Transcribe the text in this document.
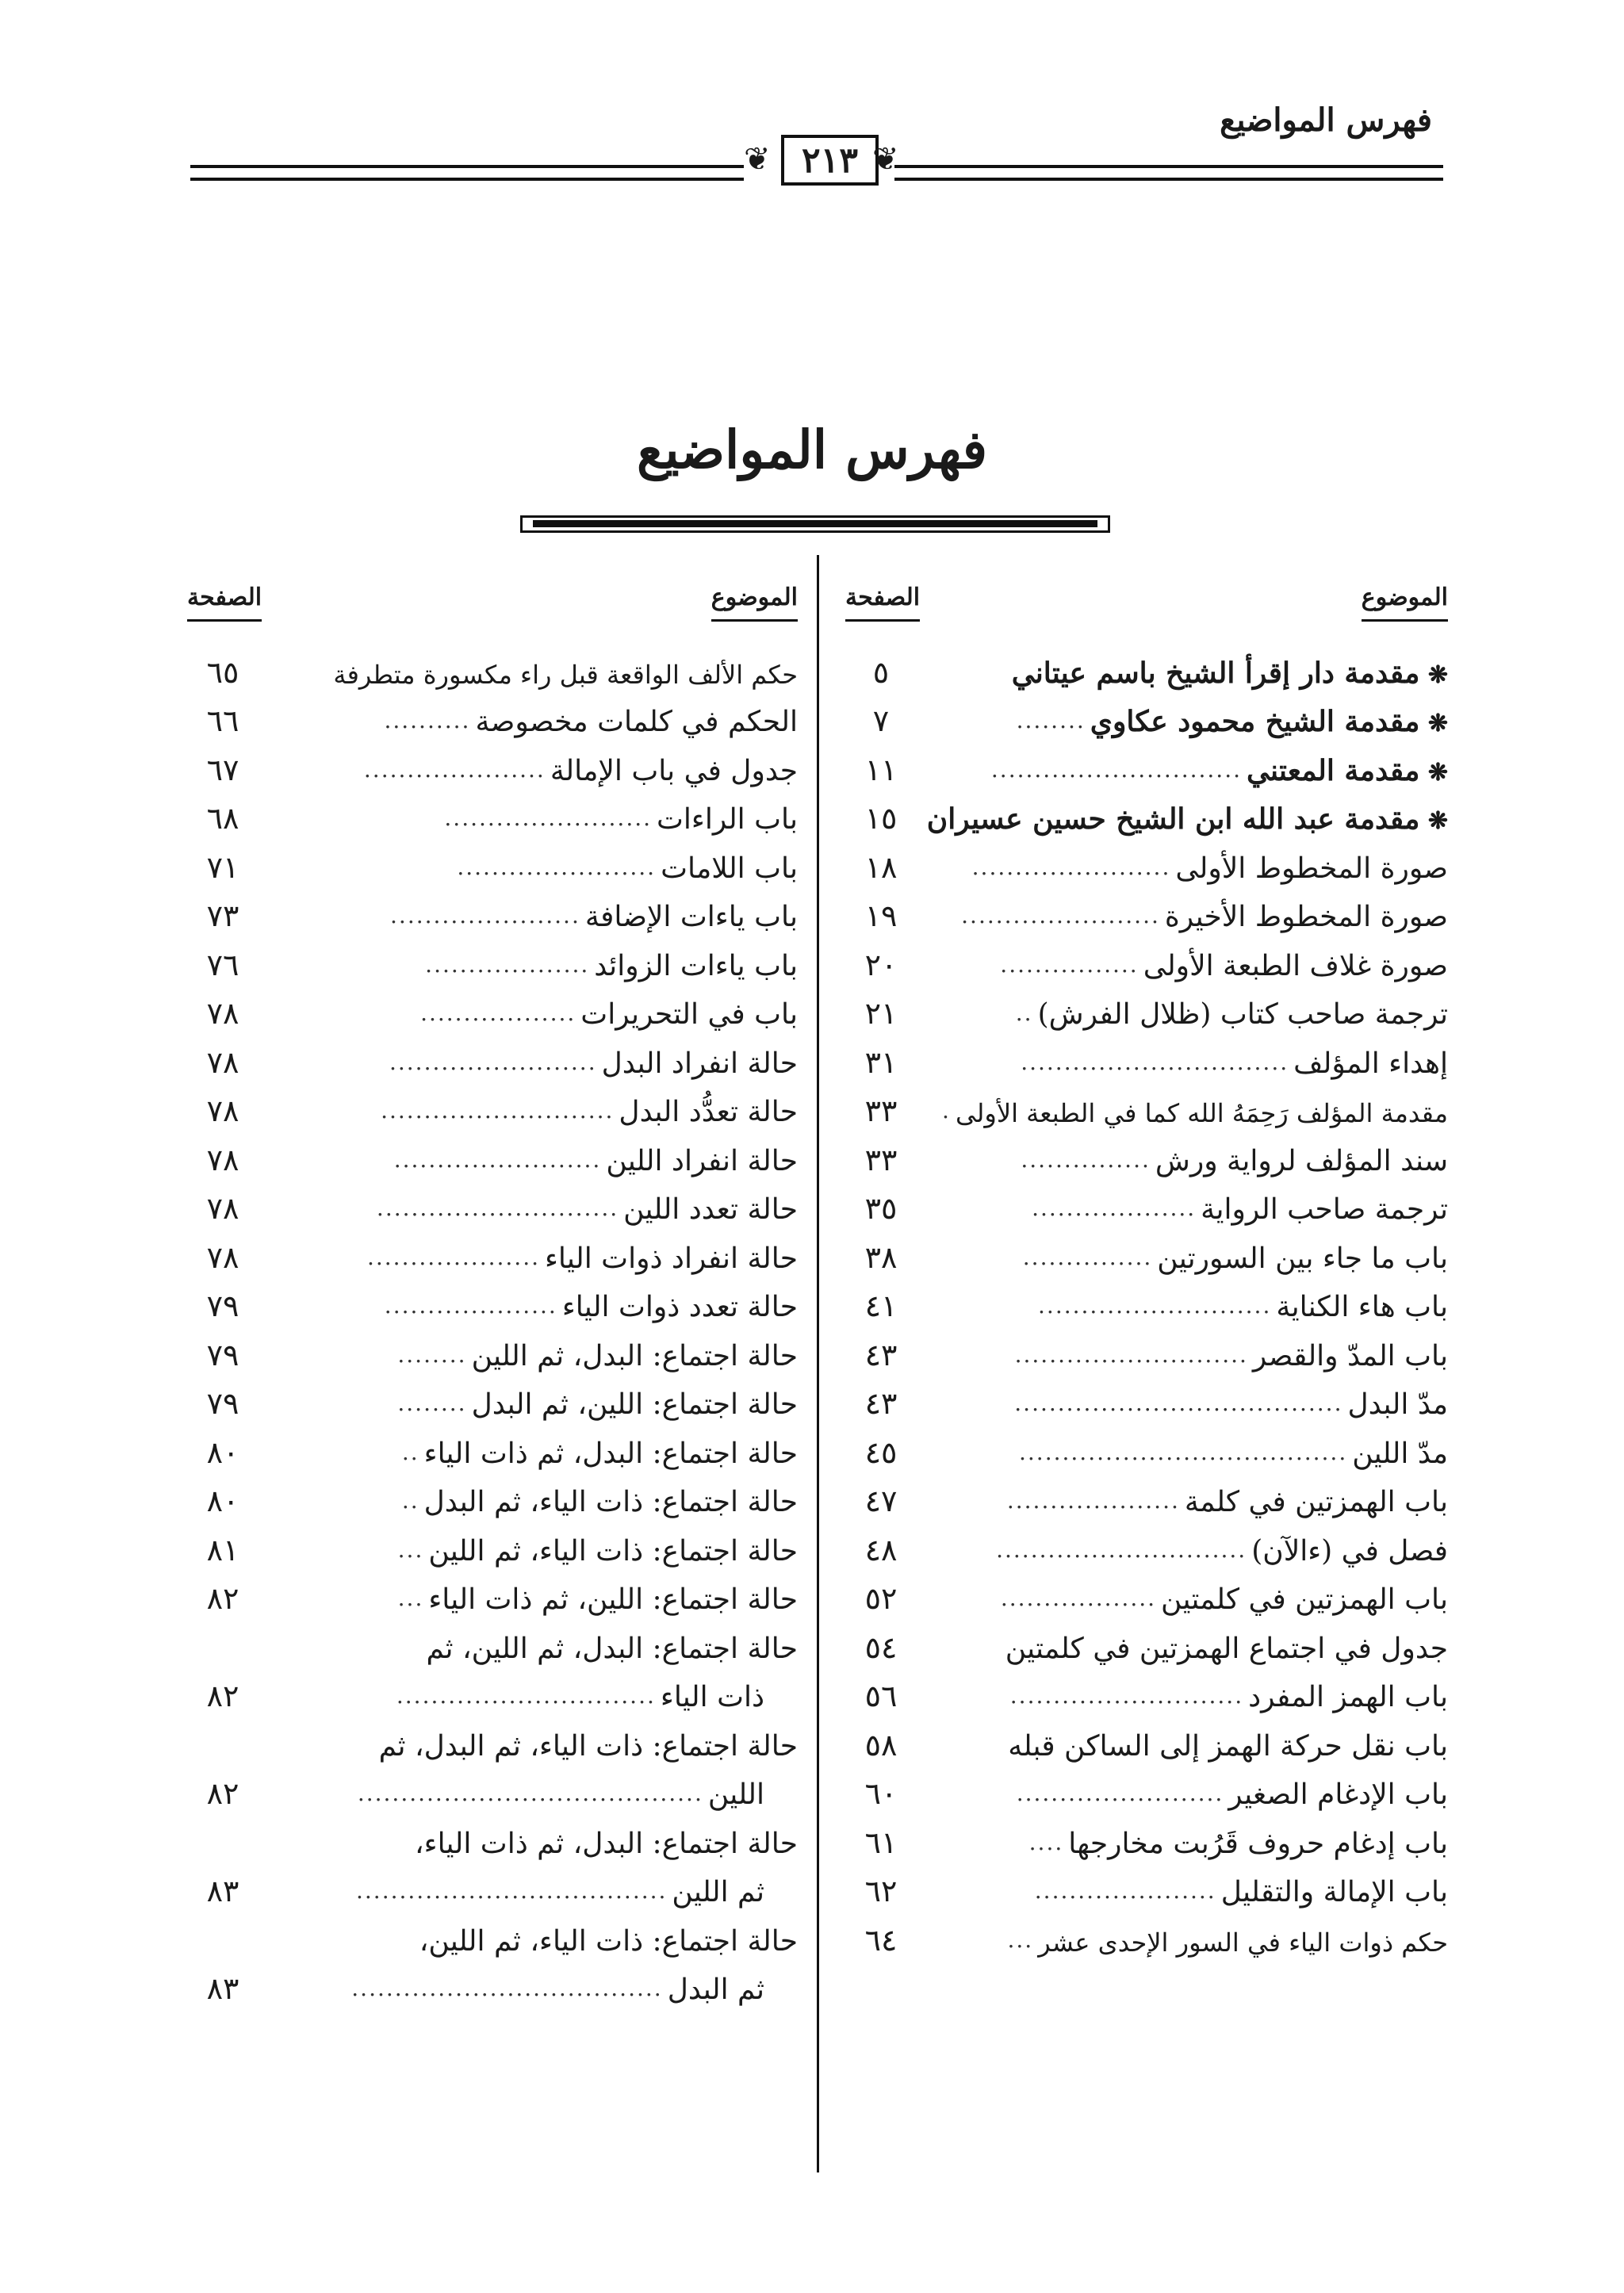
فهرس المواضيع
❦ ٢١٣ ❦
فهرس المواضيع
الموضوع
الصفحة
❋ مقدمة دار إقرأ الشيخ باسم عيتاني
٥
❋ مقدمة الشيخ محمود عكاوي
........
٧
❋ مقدمة المعتني
.............................
١١
❋ مقدمة عبد الله ابن الشيخ حسين عسيران
١٥
صورة المخطوط الأولى
.......................
١٨
صورة المخطوط الأخيرة
.......................
١٩
صورة غلاف الطبعة الأولى
................
٢٠
ترجمة صاحب كتاب (ظلال الفرش)
..
٢١
إهداء المؤلف
...............................
٣١
مقدمة المؤلف رَحِمَهُ الله كما في الطبعة الأولى
.
٣٣
سند المؤلف لرواية ورش
...............
٣٣
ترجمة صاحب الرواية
...................
٣٥
باب ما جاء بين السورتين
...............
٣٨
باب هاء الكناية
...........................
٤١
باب المدّ والقصر
...........................
٤٣
مدّ البدل
......................................
٤٣
مدّ اللين
......................................
٤٥
باب الهمزتين في كلمة
....................
٤٧
فصل في (ءالآن)
.............................
٤٨
باب الهمزتين في كلمتين
..................
٥٢
جدول في اجتماع الهمزتين في كلمتين
٥٤
باب الهمز المفرد
...........................
٥٦
باب نقل حركة الهمز إلى الساكن قبله
٥٨
باب الإدغام الصغير
........................
٦٠
باب إدغام حروف قَرُبت مخارجها
....
٦١
باب الإمالة والتقليل
.....................
٦٢
حكم ذوات الياء في السور الإحدى عشر
...
٦٤
الموضوع
الصفحة
حكم الألف الواقعة قبل راء مكسورة متطرفة
٦٥
الحكم في كلمات مخصوصة
..........
٦٦
جدول في باب الإمالة
.....................
٦٧
باب الراءات
........................
٦٨
باب اللامات
.......................
٧١
باب ياءات الإضافة
......................
٧٣
باب ياءات الزوائد
...................
٧٦
باب في التحريرات
..................
٧٨
حالة انفراد البدل
........................
٧٨
حالة تعدُّد البدل
...........................
٧٨
حالة انفراد اللين
........................
٧٨
حالة تعدد اللين
............................
٧٨
حالة انفراد ذوات الياء
....................
٧٨
حالة تعدد ذوات الياء
....................
٧٩
حالة اجتماع: البدل، ثم اللين
........
٧٩
حالة اجتماع: اللين، ثم البدل
........
٧٩
حالة اجتماع: البدل، ثم ذات الياء
..
٨٠
حالة اجتماع: ذات الياء، ثم البدل
..
٨٠
حالة اجتماع: ذات الياء، ثم اللين
...
٨١
حالة اجتماع: اللين، ثم ذات الياء
...
٨٢
حالة اجتماع: البدل، ثم اللين، ثم
ذات الياء
..............................
٨٢
حالة اجتماع: ذات الياء، ثم البدل، ثم
اللين
........................................
٨٢
حالة اجتماع: البدل، ثم ذات الياء،
ثم اللين
....................................
٨٣
حالة اجتماع: ذات الياء، ثم اللين،
ثم البدل
....................................
٨٣
